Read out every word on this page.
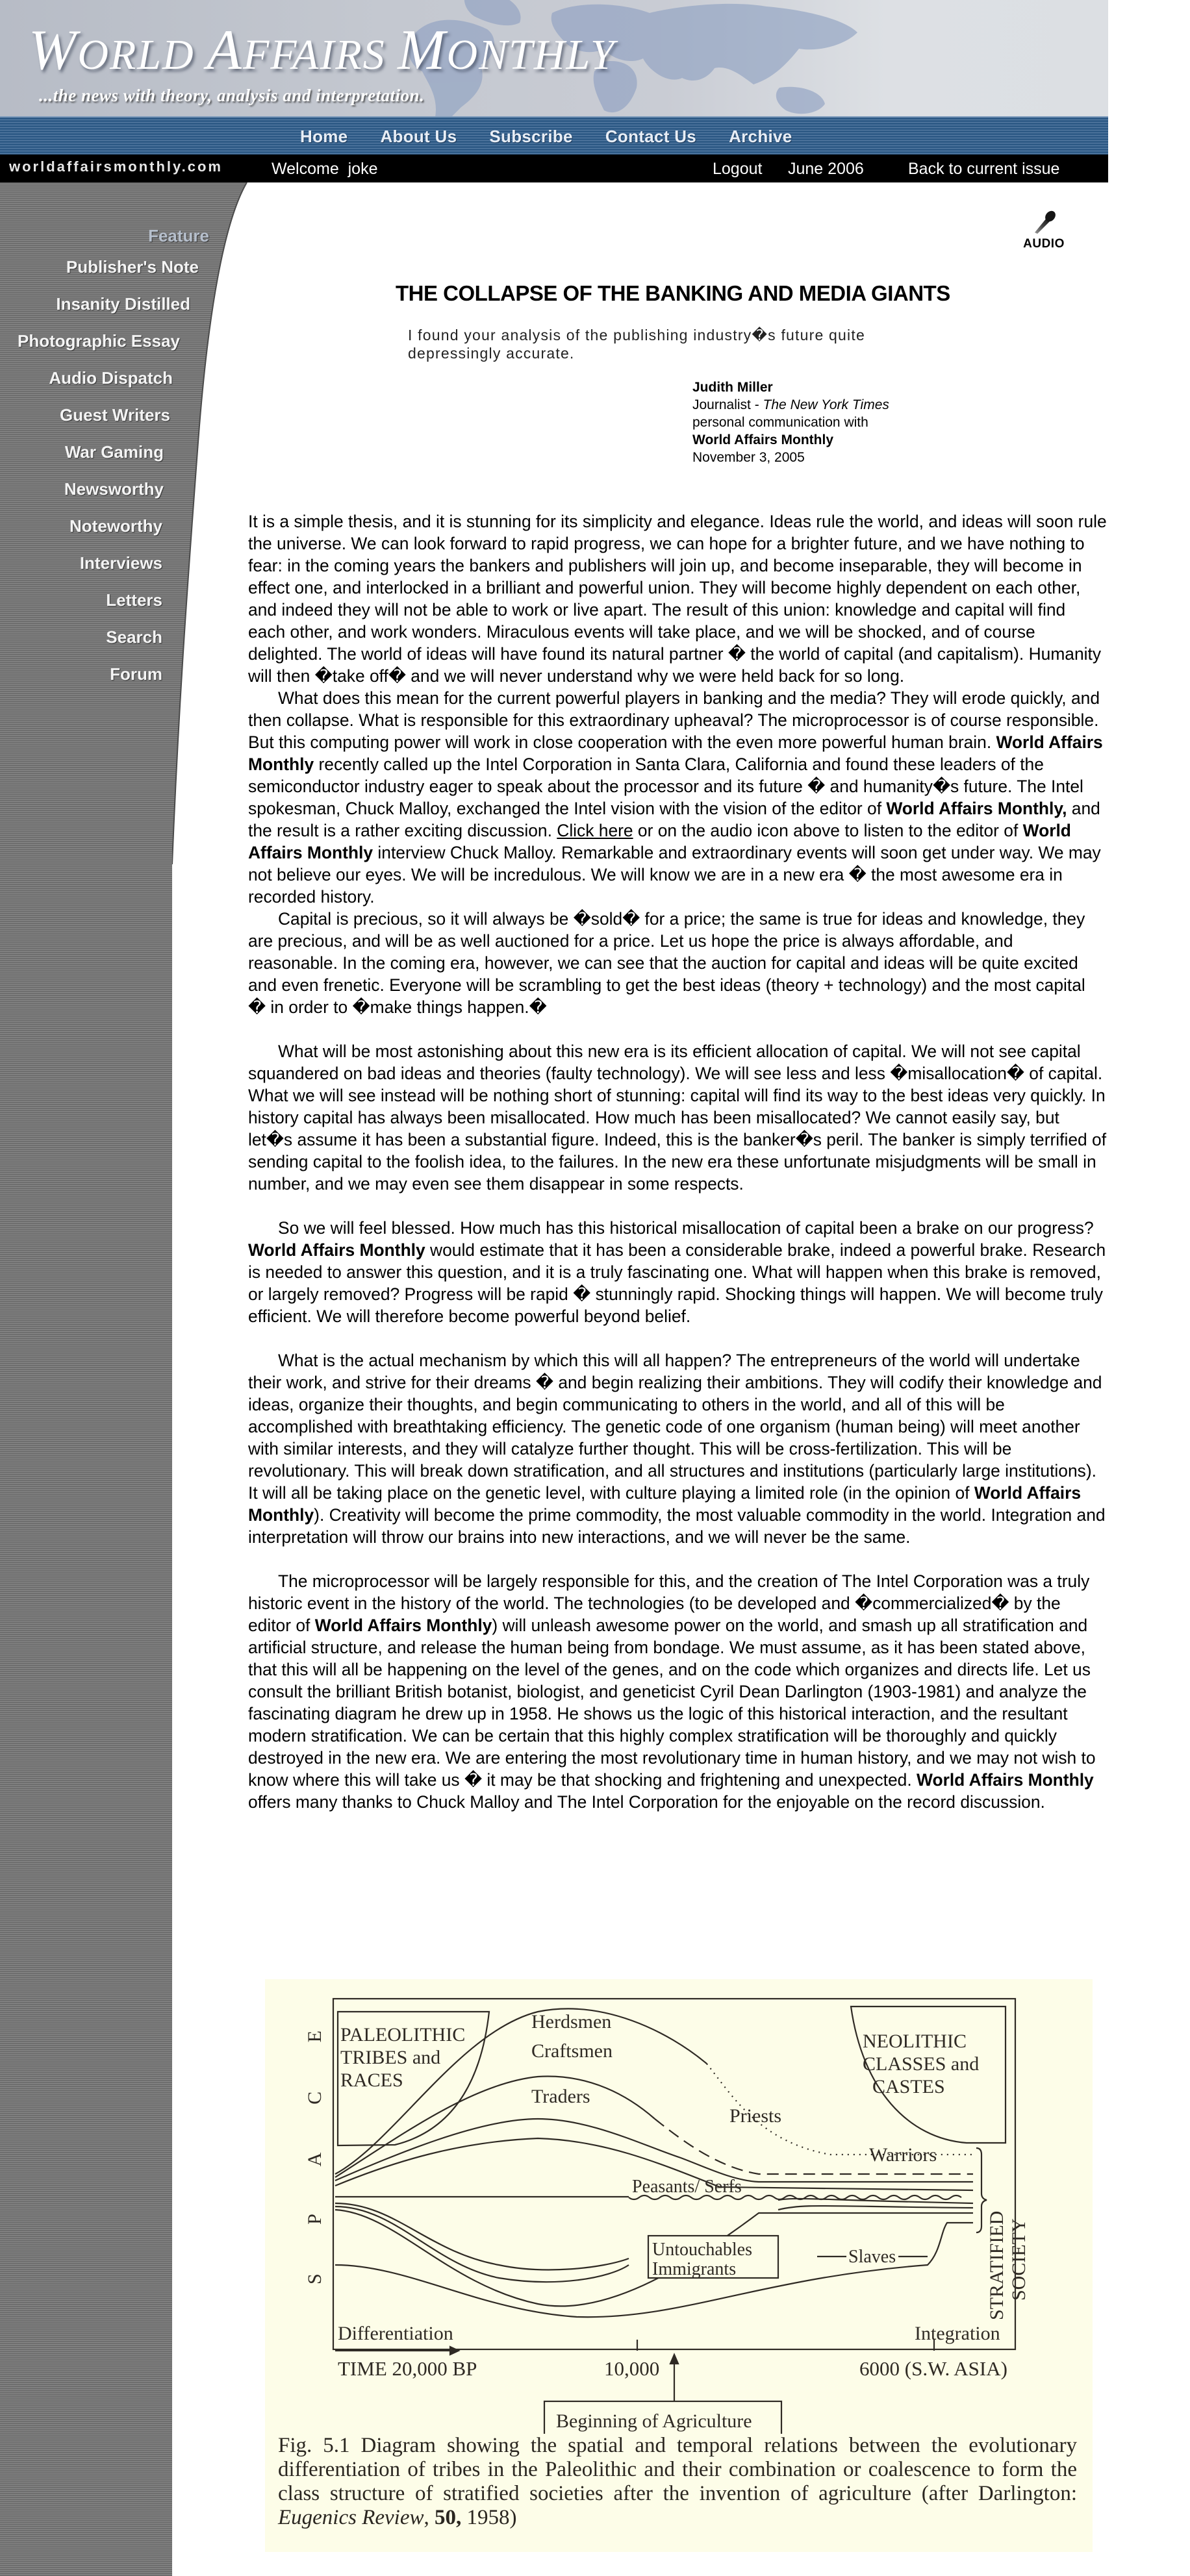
WORLD AFFAIRS MONTHLY
...the news with theory, analysis and interpretation.
Home About Us Subscribe Contact Us Archive
worldaffairsmonthly.com	Welcome  joke	Logout June 2006	Back to current issue
Feature
Publisher's Note
Insanity Distilled
Photographic Essay
Audio Dispatch
Guest Writers
War Gaming
Newsworthy
Noteworthy
Interviews
Letters
Search
Forum
AUDIO
THE COLLAPSE OF THE BANKING AND MEDIA GIANTS
I found your analysis of the publishing industry�s future quite depressingly accurate.
Judith Miller
Journalist - The New York Times
personal communication with
World Affairs Monthly
November 3, 2005

It is a simple thesis, and it is stunning for its simplicity and elegance. Ideas rule the world, and ideas will soon rule the universe. We can look forward to rapid progress, we can hope for a brighter future, and we have nothing to fear: in the coming years the bankers and publishers will join up, and become inseparable, they will become in effect one, and interlocked in a brilliant and powerful union. They will become highly dependent on each other, and indeed they will not be able to work or live apart. The result of this union: knowledge and capital will find each other, and work wonders. Miraculous events will take place, and we will be shocked, and of course delighted. The world of ideas will have found its natural partner � the world of capital (and capitalism). Humanity will then �take off� and we will never understand why we were held back for so long.

What does this mean for the current powerful players in banking and the media? They will erode quickly, and then collapse. What is responsible for this extraordinary upheaval? The microprocessor is of course responsible. But this computing power will work in close cooperation with the even more powerful human brain. World Affairs Monthly recently called up the Intel Corporation in Santa Clara, California and found these leaders of the semiconductor industry eager to speak about the processor and its future � and humanity�s future. The Intel spokesman, Chuck Malloy, exchanged the Intel vision with the vision of the editor of World Affairs Monthly, and the result is a rather exciting discussion. Click here or on the audio icon above to listen to the editor of World Affairs Monthly interview Chuck Malloy. Remarkable and extraordinary events will soon get under way. We may not believe our eyes. We will be incredulous. We will know we are in a new era � the most awesome era in recorded history.

Capital is precious, so it will always be �sold� for a price; the same is true for ideas and knowledge, they are precious, and will be as well auctioned for a price. Let us hope the price is always affordable, and reasonable. In the coming era, however, we can see that the auction for capital and ideas will be quite excited and even frenetic. Everyone will be scrambling to get the best ideas (theory + technology) and the most capital � in order to �make things happen.�

What will be most astonishing about this new era is its efficient allocation of capital. We will not see capital squandered on bad ideas and theories (faulty technology). We will see less and less �misallocation� of capital. What we will see instead will be nothing short of stunning: capital will find its way to the best ideas very quickly. In history capital has always been misallocated. How much has been misallocated? We cannot easily say, but let�s assume it has been a substantial figure. Indeed, this is the banker�s peril. The banker is simply terrified of sending capital to the foolish idea, to the failures. In the new era these unfortunate misjudgments will be small in number, and we may even see them disappear in some respects.

So we will feel blessed. How much has this historical misallocation of capital been a brake on our progress? World Affairs Monthly would estimate that it has been a considerable brake, indeed a powerful brake. Research is needed to answer this question, and it is a truly fascinating one. What will happen when this brake is removed, or largely removed? Progress will be rapid � stunningly rapid. Shocking things will happen. We will become truly efficient. We will therefore become powerful beyond belief.

What is the actual mechanism by which this will all happen? The entrepreneurs of the world will undertake their work, and strive for their dreams � and begin realizing their ambitions. They will codify their knowledge and ideas, organize their thoughts, and begin communicating to others in the world, and all of this will be accomplished with breathtaking efficiency. The genetic code of one organism (human being) will meet another with similar interests, and they will catalyze further thought. This will be cross-fertilization. This will be revolutionary. This will break down stratification, and all structures and institutions (particularly large institutions). It will all be taking place on the genetic level, with culture playing a limited role (in the opinion of World Affairs Monthly). Creativity will become the prime commodity, the most valuable commodity in the world. Integration and interpretation will throw our brains into new interactions, and we will never be the same.

The microprocessor will be largely responsible for this, and the creation of The Intel Corporation was a truly historic event in the history of the world. The technologies (to be developed and �commercialized� by the editor of World Affairs Monthly) will unleash awesome power on the world, and smash up all stratification and artificial structure, and release the human being from bondage. We must assume, as it has been stated above, that this will all be happening on the level of the genes, and on the code which organizes and directs life. Let us consult the brilliant British botanist, biologist, and geneticist Cyril Dean Darlington (1903-1981) and analyze the fascinating diagram he drew up in 1958. He shows us the logic of this historical interaction, and the resultant modern stratification. We can be certain that this highly complex stratification will be thoroughly and quickly destroyed in the new era. We are entering the most revolutionary time in human history, and we may not wish to know where this will take us � it may be that shocking and frightening and unexpected. World Affairs Monthly offers many thanks to Chuck Malloy and The Intel Corporation for the enjoyable on the record discussion.

PALEOLITHIC
TRIBES and
RACES
NEOLITHIC
CLASSES and
CASTES
Untouchables
Immigrants
Herdsmen
Craftsmen
Traders
Priests
Warriors
Peasants/ Serfs
Slaves	STRATIFIED SOCIETY
S P A C E
Differentiation	Integration
TIME 20,000 BP	10,000	6000 (S.W. ASIA)
Beginning of Agriculture
Fig. 5.1 Diagram showing the spatial and temporal relations between the evolutionary differentiation of tribes in the Paleolithic and their combination or coalescence to form the class structure of stratified societies after the invention of agriculture (after Darlington: Eugenics Review, 50, 1958)
